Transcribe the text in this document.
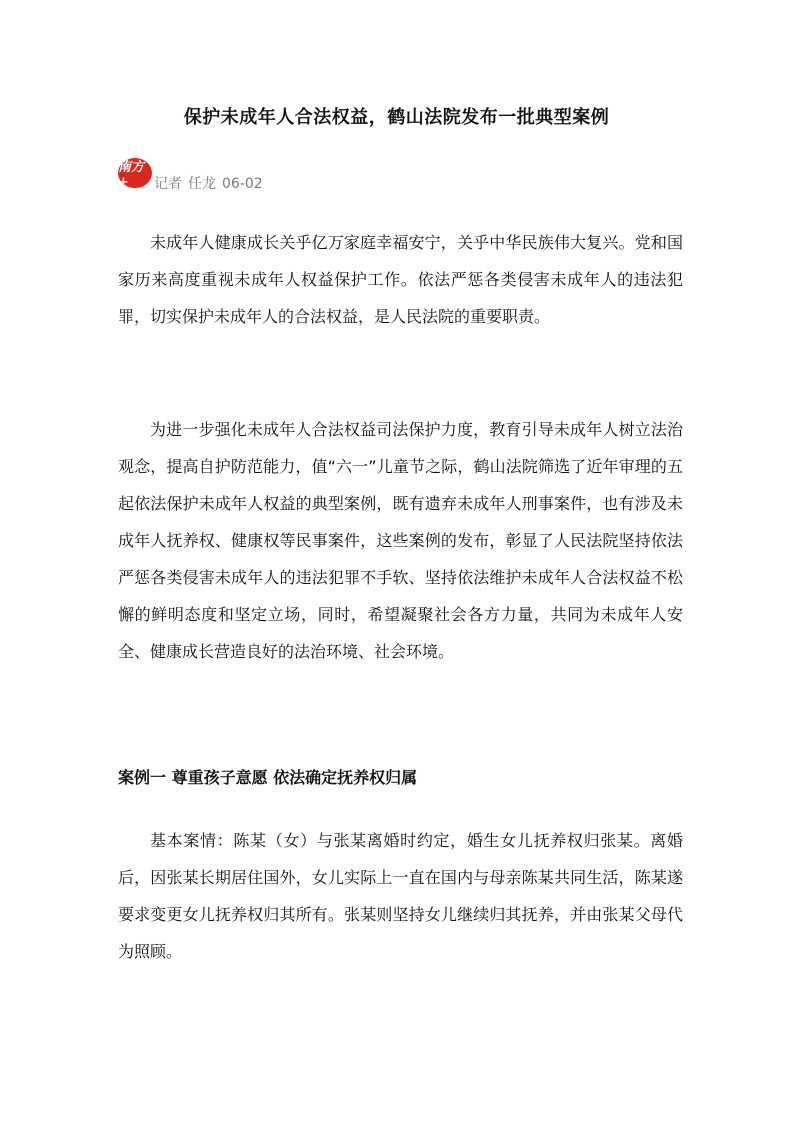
保护未成年人合法权益，鹤山法院发布一批典型案例
南方+	记者 任龙 06-02

未成年人健康成长关乎亿万家庭幸福安宁，关乎中华民族伟大复兴。党和国家历来高度重视未成年人权益保护工作。依法严惩各类侵害未成年人的违法犯罪，切实保护未成年人的合法权益，是人民法院的重要职责。

为进一步强化未成年人合法权益司法保护力度，教育引导未成年人树立法治观念，提高自护防范能力，值“六一”儿童节之际，鹤山法院筛选了近年审理的五起依法保护未成年人权益的典型案例，既有遗弃未成年人刑事案件，也有涉及未成年人抚养权、健康权等民事案件，这些案例的发布，彰显了人民法院坚持依法严惩各类侵害未成年人的违法犯罪不手软、坚持依法维护未成年人合法权益不松懈的鲜明态度和坚定立场，同时，希望凝聚社会各方力量，共同为未成年人安全、健康成长营造良好的法治环境、社会环境。

案例一 尊重孩子意愿 依法确定抚养权归属

基本案情：陈某（女）与张某离婚时约定，婚生女儿抚养权归张某。离婚后，因张某长期居住国外，女儿实际上一直在国内与母亲陈某共同生活，陈某遂要求变更女儿抚养权归其所有。张某则坚持女儿继续归其抚养，并由张某父母代为照顾。
